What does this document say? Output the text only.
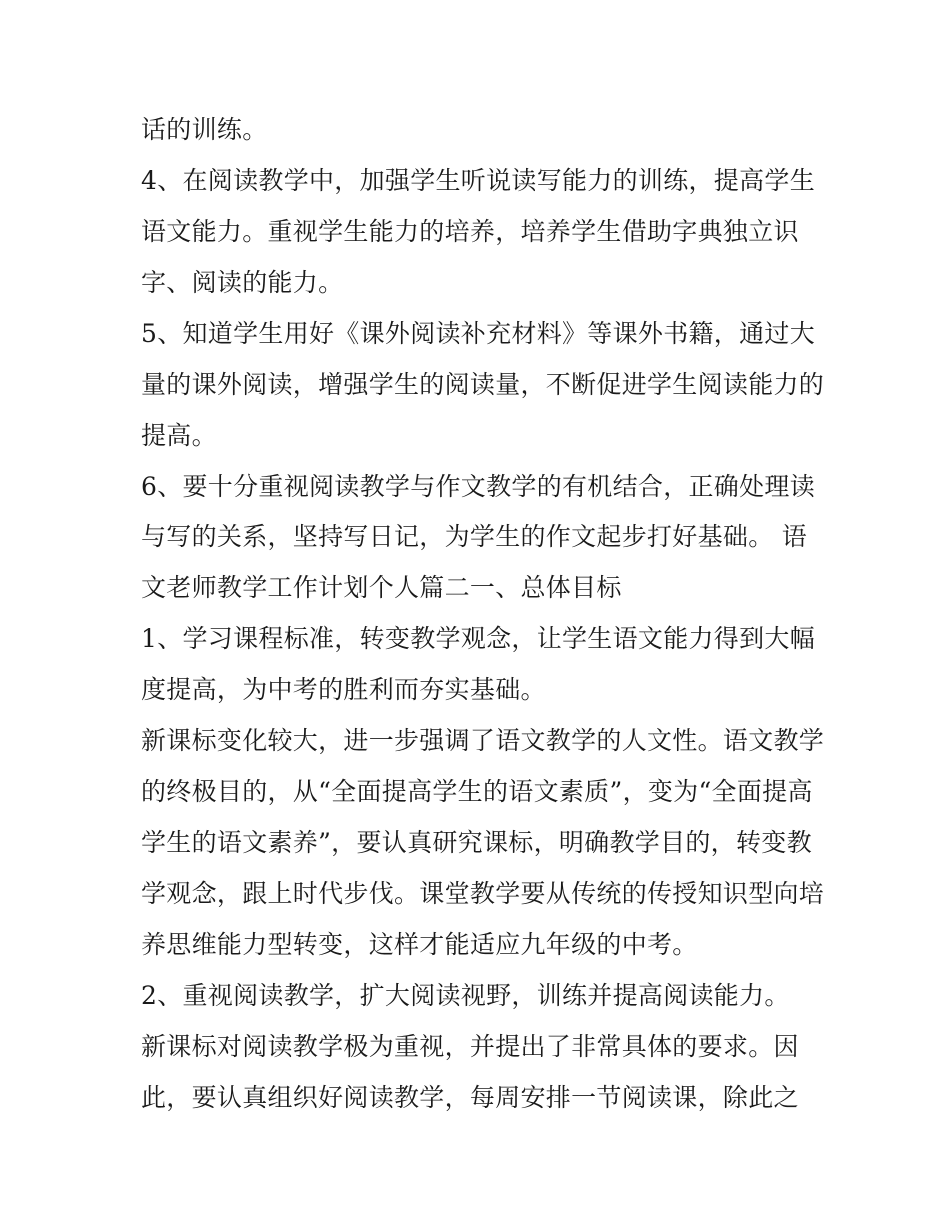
话的训练。
4、在阅读教学中，加强学生听说读写能力的训练，提高学生
语文能力。重视学生能力的培养，培养学生借助字典独立识
字、阅读的能力。
5、知道学生用好《课外阅读补充材料》等课外书籍，通过大
量的课外阅读，增强学生的阅读量，不断促进学生阅读能力的
提高。
6、要十分重视阅读教学与作文教学的有机结合，正确处理读
与写的关系，坚持写日记，为学生的作文起步打好基础。 语
文老师教学工作计划个人篇二一、总体目标
1、学习课程标准，转变教学观念，让学生语文能力得到大幅
度提高，为中考的胜利而夯实基础。
新课标变化较大，进一步强调了语文教学的人文性。语文教学
的终极目的，从“全面提高学生的语文素质”，变为“全面提高
学生的语文素养”，要认真研究课标，明确教学目的，转变教
学观念，跟上时代步伐。课堂教学要从传统的传授知识型向培
养思维能力型转变，这样才能适应九年级的中考。
2、重视阅读教学，扩大阅读视野，训练并提高阅读能力。
新课标对阅读教学极为重视，并提出了非常具体的要求。因
此，要认真组织好阅读教学，每周安排一节阅读课，除此之
